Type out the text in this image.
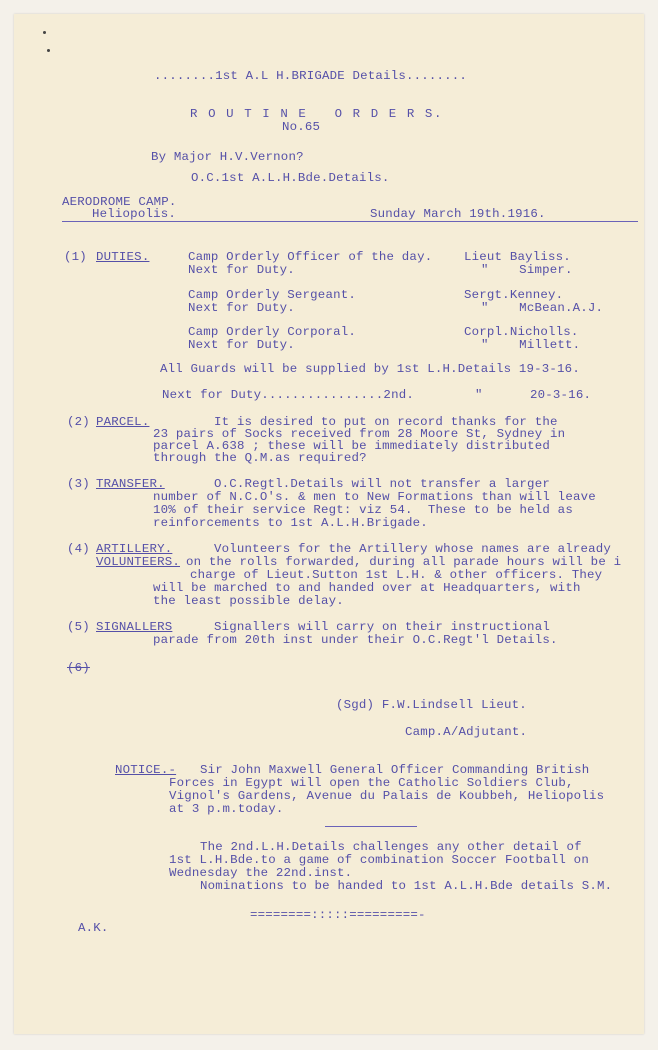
........1st A.L H.BRIGADE Details........
R O U T I N E   O R D E R S.
No.65
By Major H.V.Vernon?
O.C.1st A.L.H.Bde.Details.
AERODROME CAMP.
Heliopolis.	Sunday March 19th.1916.
(1) DUTIES.	Camp Orderly Officer of the day.	Lieut Bayliss.
Next for Duty.	"    Simper.
Camp Orderly Sergeant.	Sergt.Kenney.
Next for Duty.	"    McBean.A.J.
Camp Orderly Corporal.	Corpl.Nicholls.
Next for Duty.	"    Millett.
All Guards will be supplied by 1st L.H.Details 19-3-16.
Next for Duty................2nd.	"	20-3-16.
(2) PARCEL.	It is desired to put on record thanks for the
23 pairs of Socks received from 28 Moore St, Sydney in
parcel A.638 ; these will be immediately distributed
through the Q.M.as required?
(3) TRANSFER.	O.C.Regtl.Details will not transfer a larger
number of N.C.O's. & men to New Formations than will leave
10% of their service Regt: viz 54.  These to be held as
reinforcements to 1st A.L.H.Brigade.
(4) ARTILLERY.
VOLUNTEERS.
Volunteers for the Artillery whose names are already
on the rolls forwarded, during all parade hours will be i
charge of Lieut.Sutton 1st L.H. & other officers. They
will be marched to and handed over at Headquarters, with
the least possible delay.
(5) SIGNALLERS	Signallers will carry on their instructional
parade from 20th inst under their O.C.Regt'l Details.
(6)
(Sgd) F.W.Lindsell Lieut.
Camp.A/Adjutant.
NOTICE.- Sir John Maxwell General Officer Commanding British
Forces in Egypt will open the Catholic Soldiers Club,
Vignol's Gardens, Avenue du Palais de Koubbeh, Heliopolis
at 3 p.m.today.
The 2nd.L.H.Details challenges any other detail of
1st L.H.Bde.to a game of combination Soccer Football on
Wednesday the 22nd.inst.
Nominations to be handed to 1st A.L.H.Bde details S.M.
========:::::=========-
A.K.
